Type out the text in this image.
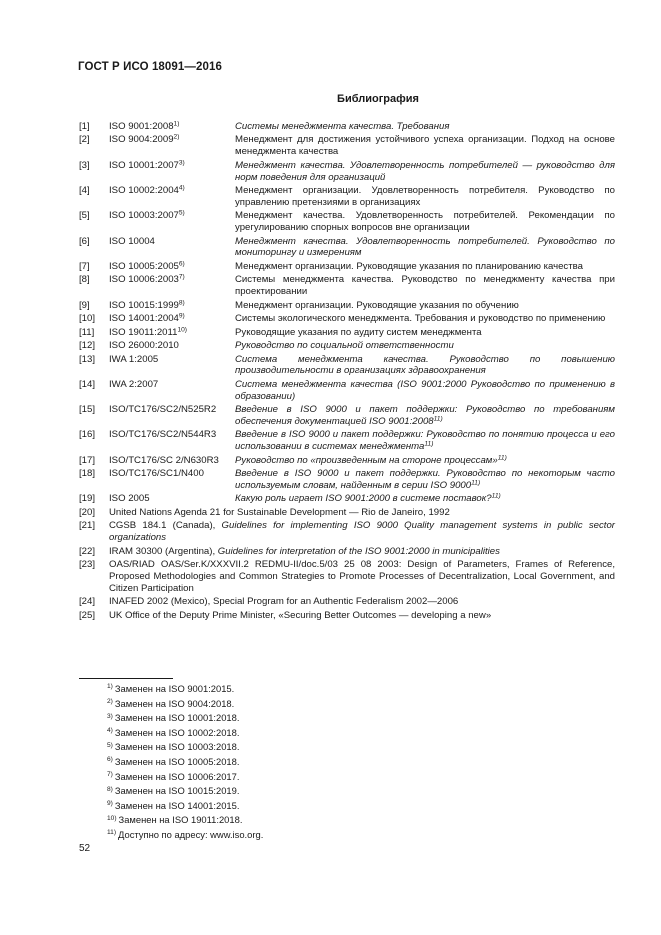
ГОСТ Р ИСО 18091—2016
Библиография
[1]	ISO 9001:2008$^{1)}$	Системы менеджмента качества. Требования
[2]	ISO 9004:2009$^{2)}$	Менеджмент для достижения устойчивого успеха организации. Подход на основе менеджмента качества
[3]	ISO 10001:2007$^{3)}$	Менеджмент качества. Удовлетворенность потребителей — руководство для норм поведения для организаций
[4]	ISO 10002:2004$^{4)}$	Менеджмент организации. Удовлетворенность потребителя. Руководство по управлению претензиями в организациях
[5]	ISO 10003:2007$^{5)}$	Менеджмент качества. Удовлетворенность потребителей. Рекомендации по урегулированию спорных вопросов вне организации
[6]	ISO 10004	Менеджмент качества. Удовлетворенность потребителей. Руководство по мониторингу и измерениям
[7]	ISO 10005:2005$^{6)}$	Менеджмент организации. Руководящие указания по планированию качества
[8]	ISO 10006:2003$^{7)}$	Системы менеджмента качества. Руководство по менеджменту качества при проектировании
[9]	ISO 10015:1999$^{8)}$	Менеджмент организации. Руководящие указания по обучению
[10]	ISO 14001:2004$^{9)}$	Системы экологического менеджмента. Требования и руководство по применению
[11]	ISO 19011:2011$^{10)}$	Руководящие указания по аудиту систем менеджмента
[12]	ISO 26000:2010	Руководство по социальной ответственности
[13]	IWA 1:2005	Система менеджмента качества. Руководство по повышению производительности в организациях здравоохранения
[14]	IWA 2:2007	Система менеджмента качества (ISO 9001:2000 Руководство по применению в образовании)
[15]	ISO/TC176/SC2/N525R2	Введение в ISO 9000 и пакет поддержки: Руководство по требованиям обеспечения документацией ISO 9001:2008$^{11)}$
[16]	ISO/TC176/SC2/N544R3	Введение в ISO 9000 и пакет поддержки: Руководство по понятию процесса и его использовании в системах менеджмента$^{11)}$
[17]	ISO/TC176/SC 2/N630R3	Руководство по «произведенным на стороне процессам»$^{11)}$
[18]	ISO/TC176/SC1/N400	Введение в ISO 9000 и пакет поддержки. Руководство по некоторым часто используемым словам, найденным в серии ISO 9000$^{11)}$
[19]	ISO 2005	Какую роль играет ISO 9001:2000 в системе поставок?$^{11)}$
[20]	United Nations Agenda 21 for Sustainable Development — Rio de Janeiro, 1992
[21]	CGSB 184.1 (Canada), Guidelines for implementing ISO 9000 Quality management systems in public sector organizations
[22]	IRAM 30300 (Argentina), Guidelines for interpretation of the ISO 9001:2000 in municipalities
[23]	OAS/RIAD OAS/Ser.K/XXXVII.2 REDMU-II/doc.5/03 25 08 2003: Design of Parameters, Frames of Reference, Proposed Methodologies and Common Strategies to Promote Processes of Decentralization, Local Government, and Citizen Participation
[24]	INAFED 2002 (Mexico), Special Program for an Authentic Federalism 2002—2006
[25]	UK Office of the Deputy Prime Minister, «Securing Better Outcomes — developing a new»
$^{1)}$ Заменен на ISO 9001:2015.
$^{2)}$ Заменен на ISO 9004:2018.
$^{3)}$ Заменен на ISO 10001:2018.
$^{4)}$ Заменен на ISO 10002:2018.
$^{5)}$ Заменен на ISO 10003:2018.
$^{6)}$ Заменен на ISO 10005:2018.
$^{7)}$ Заменен на ISO 10006:2017.
$^{8)}$ Заменен на ISO 10015:2019.
$^{9)}$ Заменен на ISO 14001:2015.
$^{10)}$ Заменен на ISO 19011:2018.
$^{11)}$ Доступно по адресу: www.iso.org.
52
